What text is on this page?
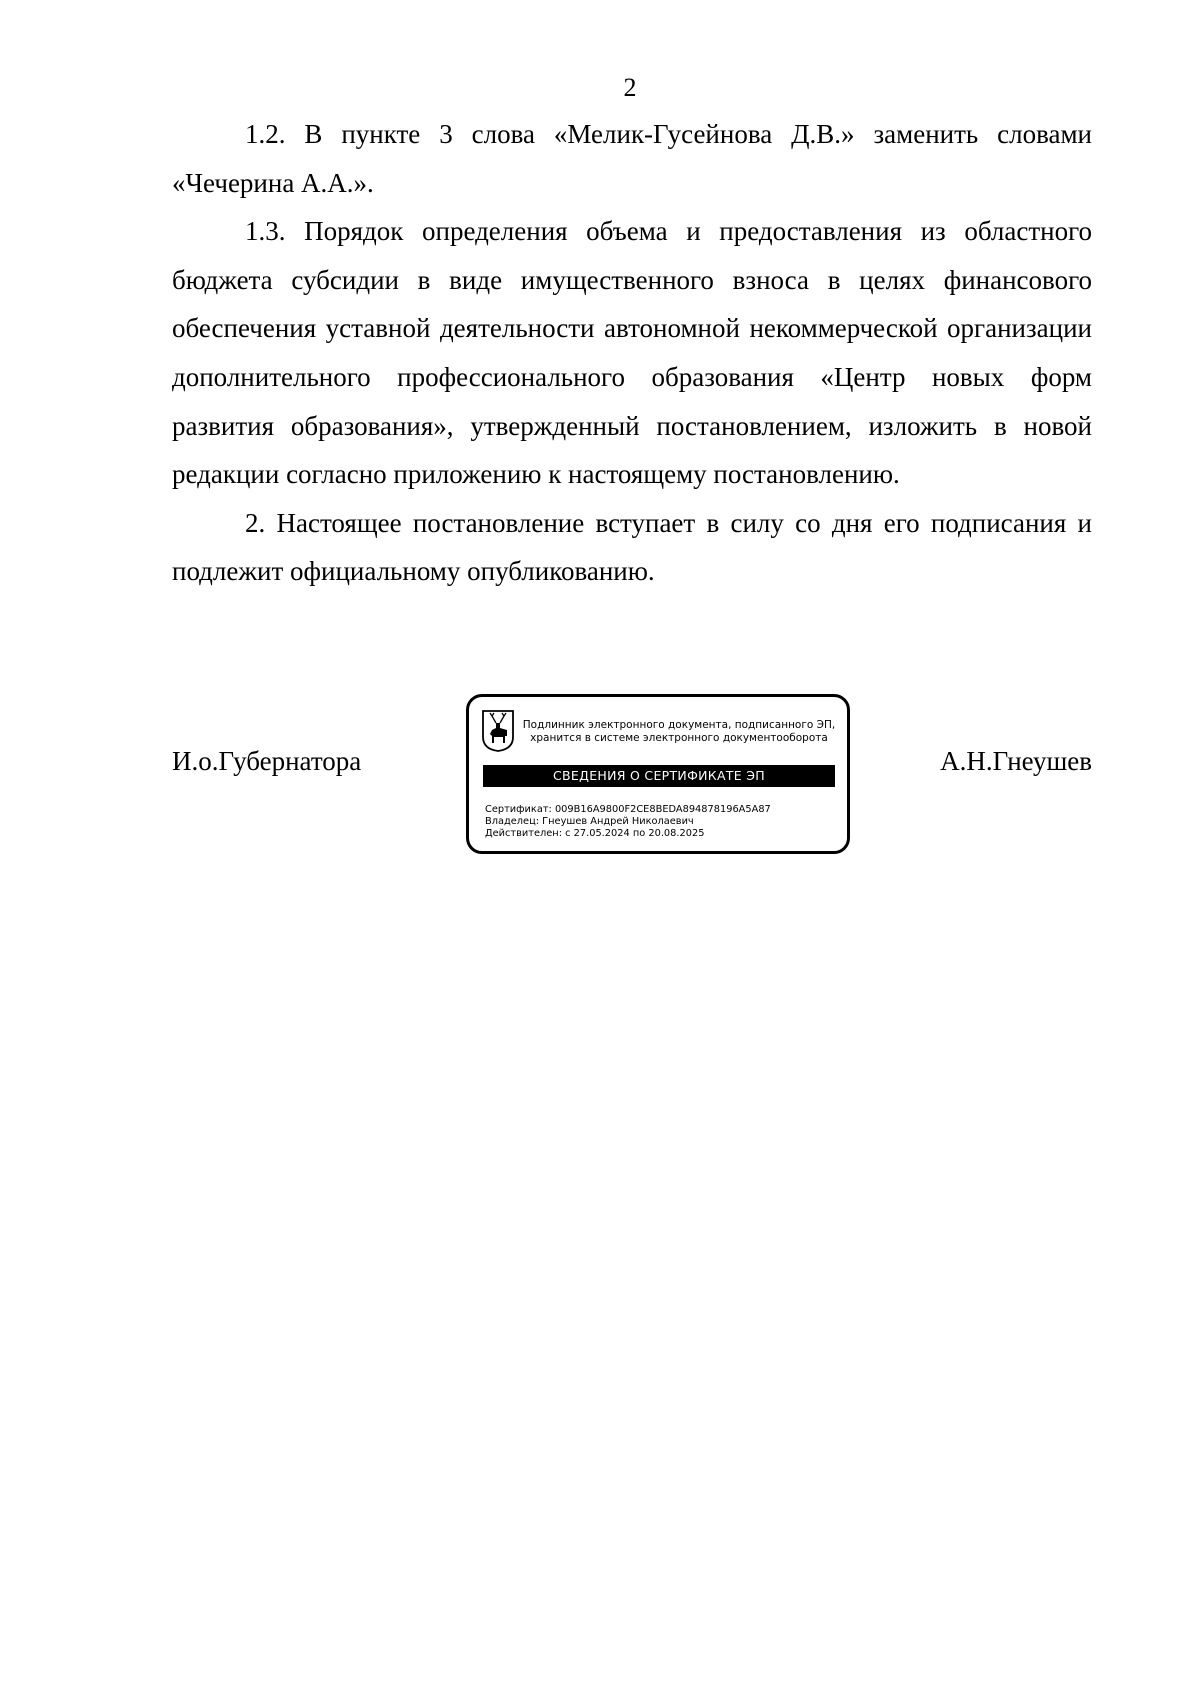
2

1.2. В пункте 3 слова «Мелик-Гусейнова Д.В.» заменить словами «Чечерина А.А.».

1.3. Порядок определения объема и предоставления из областного бюджета субсидии в виде имущественного взноса в целях финансового обеспечения уставной деятельности автономной некоммерческой организации дополнительного профессионального образования «Центр новых форм развития образования», утвержденный постановлением, изложить в новой редакции согласно приложению к настоящему постановлению.

2. Настоящее постановление вступает в силу со дня его подписания и подлежит официальному опубликованию.

И.о.Губернатора	А.Н.Гнеушев
Подлинник электронного документа, подписанного ЭП,
хранится в системе электронного документооборота
СВЕДЕНИЯ О СЕРТИФИКАТЕ ЭП
Сертификат: 009B16A9800F2CE8BEDA894878196A5A87
Владелец: Гнеушев Андрей Николаевич
Действителен: с 27.05.2024 по 20.08.2025
